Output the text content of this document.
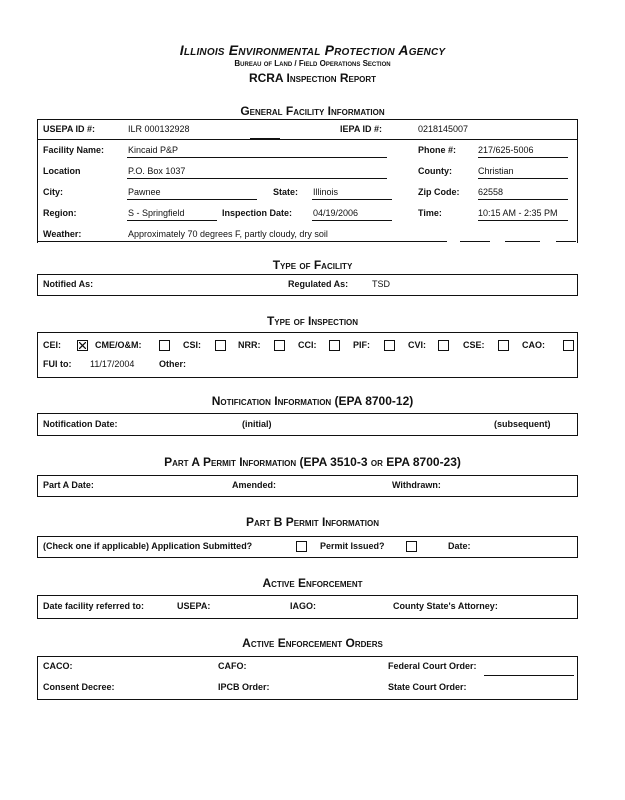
Illinois Environmental Protection Agency
Bureau of Land / Field Operations Section
RCRA Inspection Report
General Facility Information
USEPA ID #:	ILR 000132928	IEPA ID #:	0218145007
Facility Name:	Kincaid P&P	Phone #: 217/625-5006
Location	P.O. Box 1037	County:	Christian
City:	Pawnee	State: Illinois	Zip Code: 62558
Region:	S - Springfield	Inspection Date: 04/19/2006	Time:	10:15 AM - 2:35 PM
Weather:	Approximately 70 degrees F, partly cloudy, dry soil
Type of Facility
Notified As:	Regulated As:	TSD
Type of Inspection
CEI:	CME/O&M:	CSI:	NRR:	CCI:	PIF:	CVI:	CSE:	CAO:
FUI to: 11/17/2004	Other:
Notification Information (EPA 8700-12)
Notification Date:	(initial)	(subsequent)
Part A Permit Information (EPA 3510-3 or EPA 8700-23)
Part A Date:	Amended:	Withdrawn:
Part B Permit Information
(Check one if applicable) Application Submitted?	Permit Issued?	Date:
Active Enforcement
Date facility referred to:	USEPA:	IAGO:	County State's Attorney:
Active Enforcement Orders
CACO:	CAFO:	Federal Court Order:
Consent Decree:	IPCB Order:	State Court Order:
